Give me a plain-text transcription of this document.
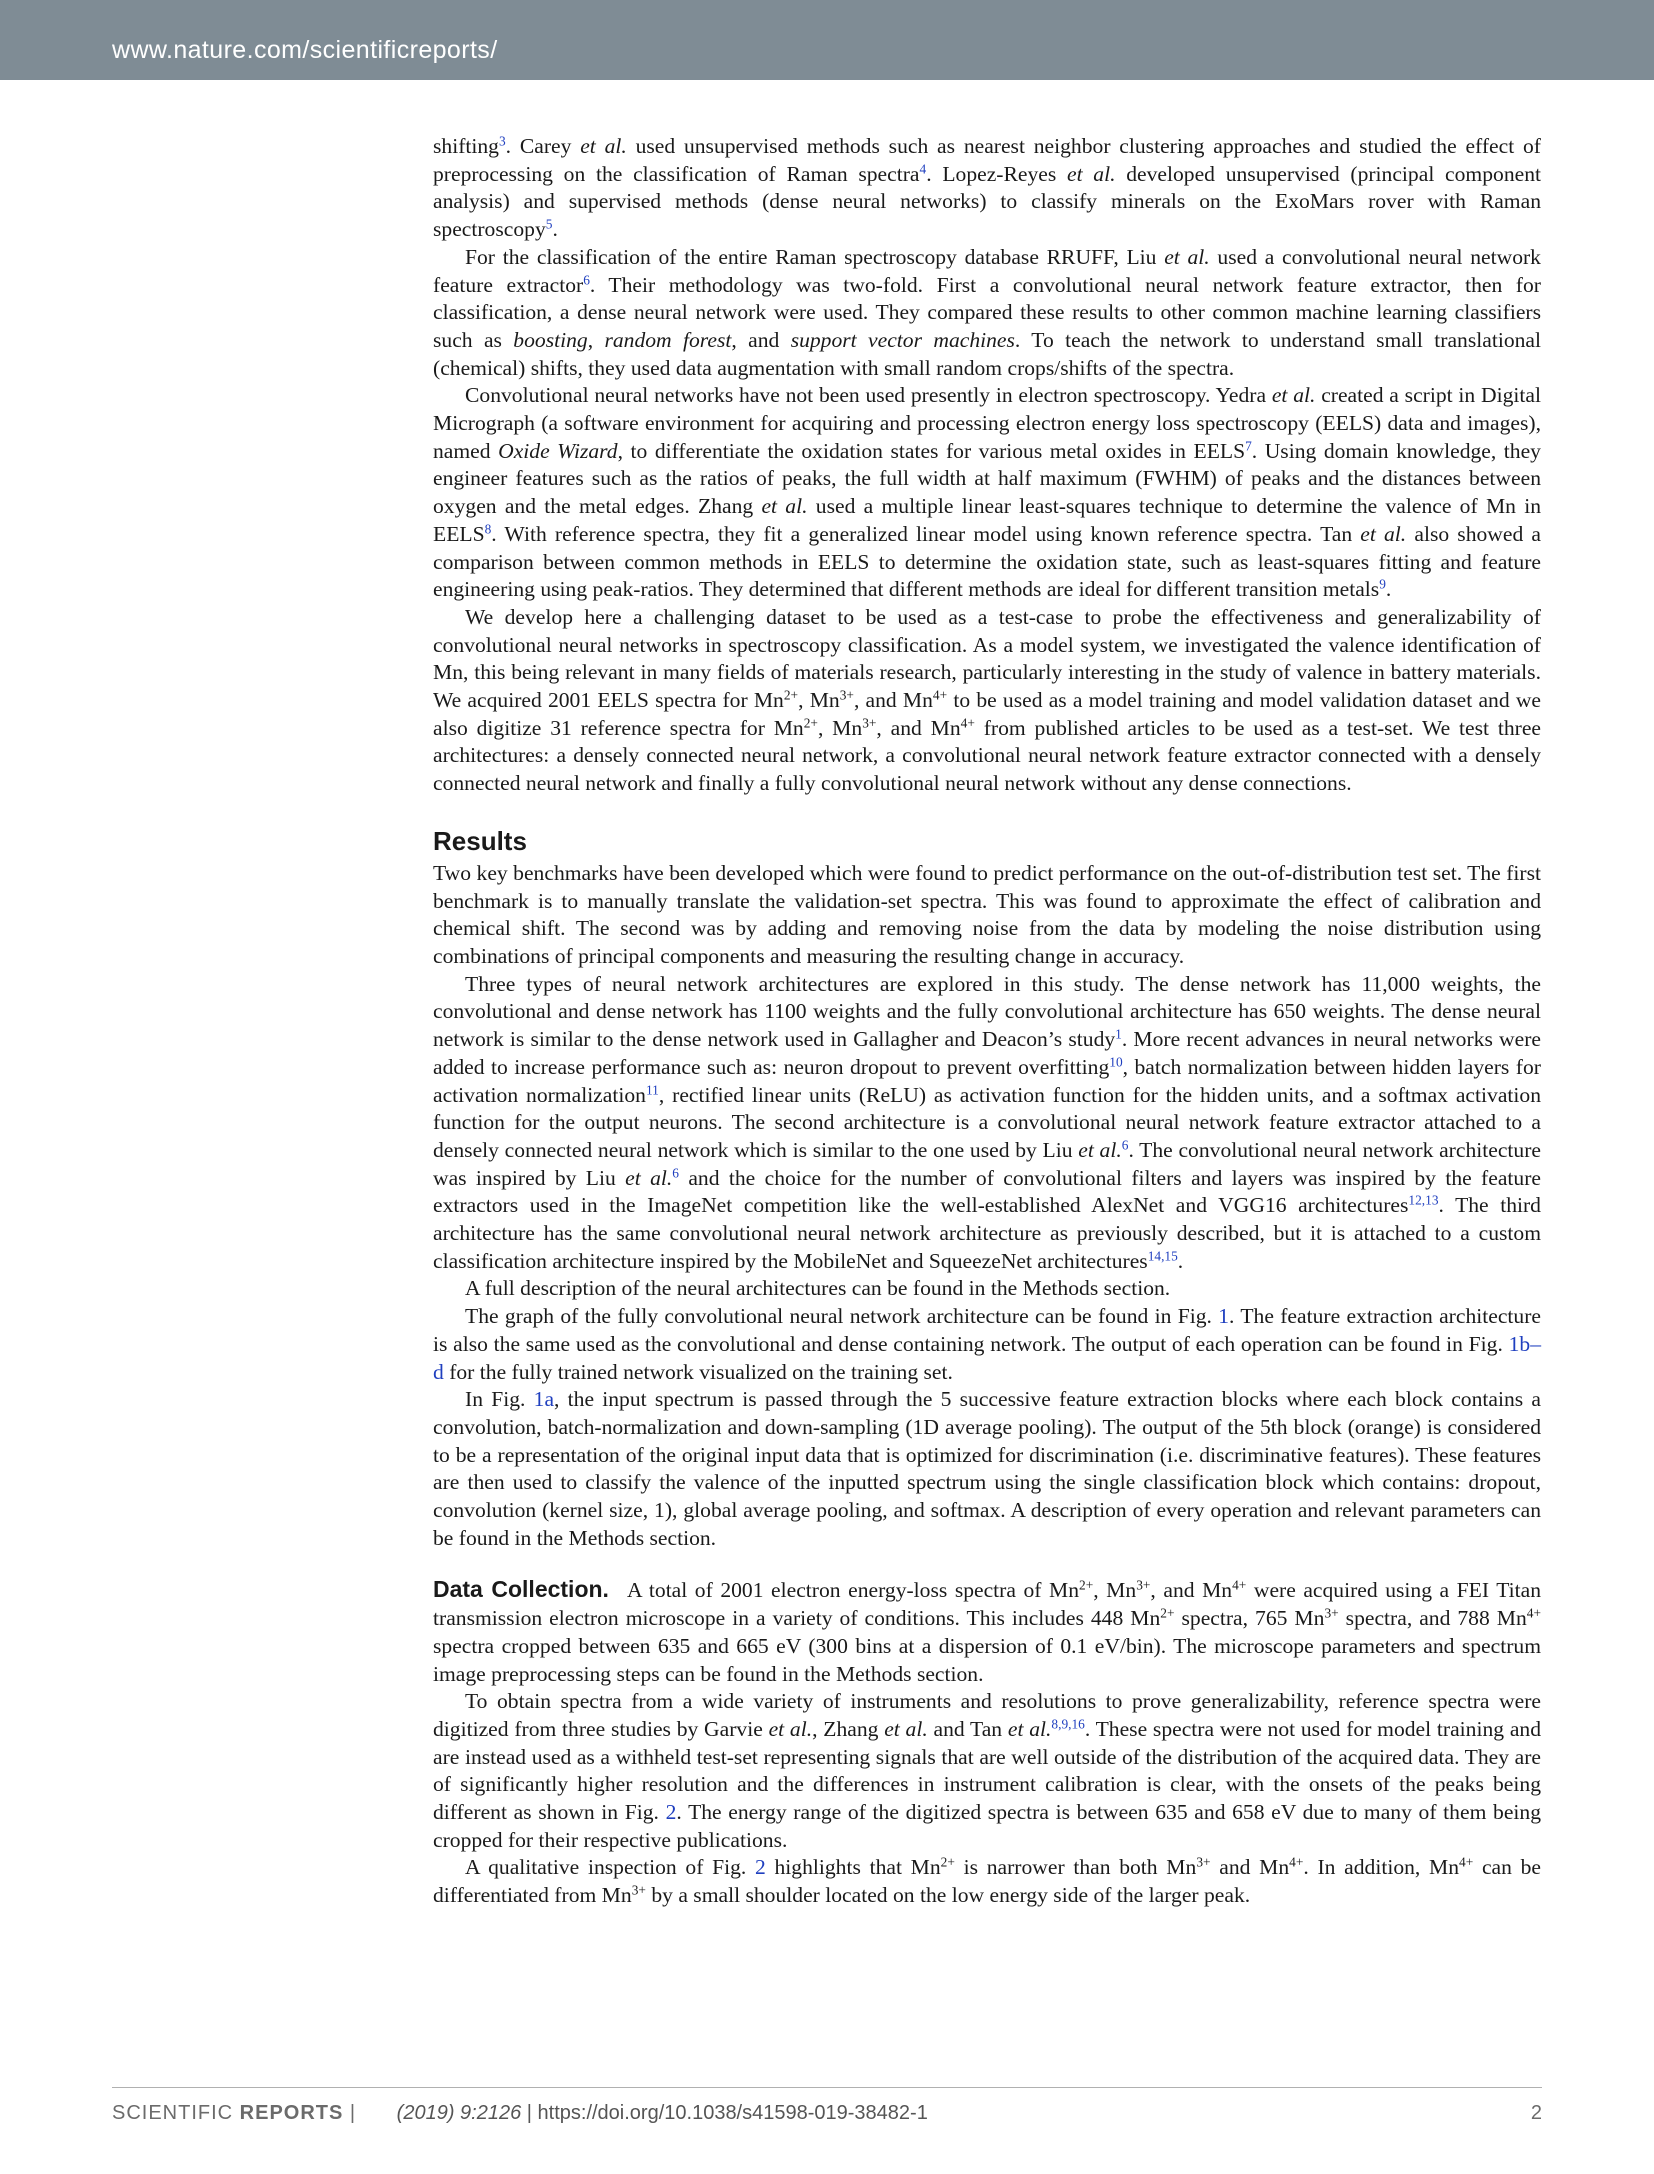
www.nature.com/scientificreports/

shifting$^3$. Carey et al. used unsupervised methods such as nearest neighbor clustering approaches and studied the effect of preprocessing on the classification of Raman spectra$^4$. Lopez-Reyes et al. developed unsupervised (principal component analysis) and supervised methods (dense neural networks) to classify minerals on the ExoMars rover with Raman spectroscopy$^5$.

For the classification of the entire Raman spectroscopy database RRUFF, Liu et al. used a convolutional neural network feature extractor$^6$. Their methodology was two-fold. First a convolutional neural network feature extractor, then for classification, a dense neural network were used. They compared these results to other common machine learning classifiers such as boosting, random forest, and support vector machines. To teach the network to understand small translational (chemical) shifts, they used data augmentation with small random crops/shifts of the spectra.

Convolutional neural networks have not been used presently in electron spectroscopy. Yedra et al. created a script in Digital Micrograph (a software environment for acquiring and processing electron energy loss spectroscopy (EELS) data and images), named Oxide Wizard, to differentiate the oxidation states for various metal oxides in EELS$^7$. Using domain knowledge, they engineer features such as the ratios of peaks, the full width at half maximum (FWHM) of peaks and the distances between oxygen and the metal edges. Zhang et al. used a multiple linear least-squares technique to determine the valence of Mn in EELS$^8$. With reference spectra, they fit a generalized linear model using known reference spectra. Tan et al. also showed a comparison between common methods in EELS to determine the oxidation state, such as least-squares fitting and feature engineering using peak-ratios. They determined that different methods are ideal for different transition metals$^9$.

We develop here a challenging dataset to be used as a test-case to probe the effectiveness and generalizability of convolutional neural networks in spectroscopy classification. As a model system, we investigated the valence identification of Mn, this being relevant in many fields of materials research, particularly interesting in the study of valence in battery materials. We acquired 2001 EELS spectra for $Mn^{2+}$, $Mn^{3+}$, and $Mn^{4+}$ to be used as a model training and model validation dataset and we also digitize 31 reference spectra for $Mn^{2+}$, $Mn^{3+}$, and $Mn^{4+}$ from published articles to be used as a test-set. We test three architectures: a densely connected neural network, a convolutional neural network feature extractor connected with a densely connected neural network and finally a fully convolutional neural network without any dense connections.

Results

Two key benchmarks have been developed which were found to predict performance on the out-of-distribution test set. The first benchmark is to manually translate the validation-set spectra. This was found to approximate the effect of calibration and chemical shift. The second was by adding and removing noise from the data by modeling the noise distribution using combinations of principal components and measuring the resulting change in accuracy.

Three types of neural network architectures are explored in this study. The dense network has 11,000 weights, the convolutional and dense network has 1100 weights and the fully convolutional architecture has 650 weights. The dense neural network is similar to the dense network used in Gallagher and Deacon’s study$^1$. More recent advances in neural networks were added to increase performance such as: neuron dropout to prevent overfitting$^{10}$, batch normalization between hidden layers for activation normalization$^{11}$, rectified linear units (ReLU) as activation function for the hidden units, and a softmax activation function for the output neurons. The second architecture is a convolutional neural network feature extractor attached to a densely connected neural network which is similar to the one used by Liu et al.$^6$. The convolutional neural network architecture was inspired by Liu et al.$^6$ and the choice for the number of convolutional filters and layers was inspired by the feature extractors used in the ImageNet competition like the well-established AlexNet and VGG16 architectures$^{12,13}$. The third architecture has the same convolutional neural network architecture as previously described, but it is attached to a custom classification architecture inspired by the MobileNet and SqueezeNet architectures$^{14,15}$.

A full description of the neural architectures can be found in the Methods section.

The graph of the fully convolutional neural network architecture can be found in Fig. 1. The feature extraction architecture is also the same used as the convolutional and dense containing network. The output of each operation can be found in Fig. 1b–d for the fully trained network visualized on the training set.

In Fig. 1a, the input spectrum is passed through the 5 successive feature extraction blocks where each block contains a convolution, batch-normalization and down-sampling (1D average pooling). The output of the 5th block (orange) is considered to be a representation of the original input data that is optimized for discrimination (i.e. discriminative features). These features are then used to classify the valence of the inputted spectrum using the single classification block which contains: dropout, convolution (kernel size, 1), global average pooling, and softmax. A description of every operation and relevant parameters can be found in the Methods section.

Data Collection. A total of 2001 electron energy-loss spectra of $Mn^{2+}$, $Mn^{3+}$, and $Mn^{4+}$ were acquired using a FEI Titan transmission electron microscope in a variety of conditions. This includes 448 $Mn^{2+}$ spectra, 765 $Mn^{3+}$ spectra, and 788 $Mn^{4+}$ spectra cropped between 635 and 665 eV (300 bins at a dispersion of 0.1 eV/bin). The microscope parameters and spectrum image preprocessing steps can be found in the Methods section.

To obtain spectra from a wide variety of instruments and resolutions to prove generalizability, reference spectra were digitized from three studies by Garvie et al., Zhang et al. and Tan et al.$^{8,9,16}$. These spectra were not used for model training and are instead used as a withheld test-set representing signals that are well outside of the distribution of the acquired data. They are of significantly higher resolution and the differences in instrument calibration is clear, with the onsets of the peaks being different as shown in Fig. 2. The energy range of the digitized spectra is between 635 and 658 eV due to many of them being cropped for their respective publications.

A qualitative inspection of Fig. 2 highlights that $Mn^{2+}$ is narrower than both $Mn^{3+}$ and $Mn^{4+}$. In addition, $Mn^{4+}$ can be differentiated from $Mn^{3+}$ by a small shoulder located on the low energy side of the larger peak.

SCIENTIFIC REPORTS | (2019) 9:2126 | https://doi.org/10.1038/s41598-019-38482-1	2
